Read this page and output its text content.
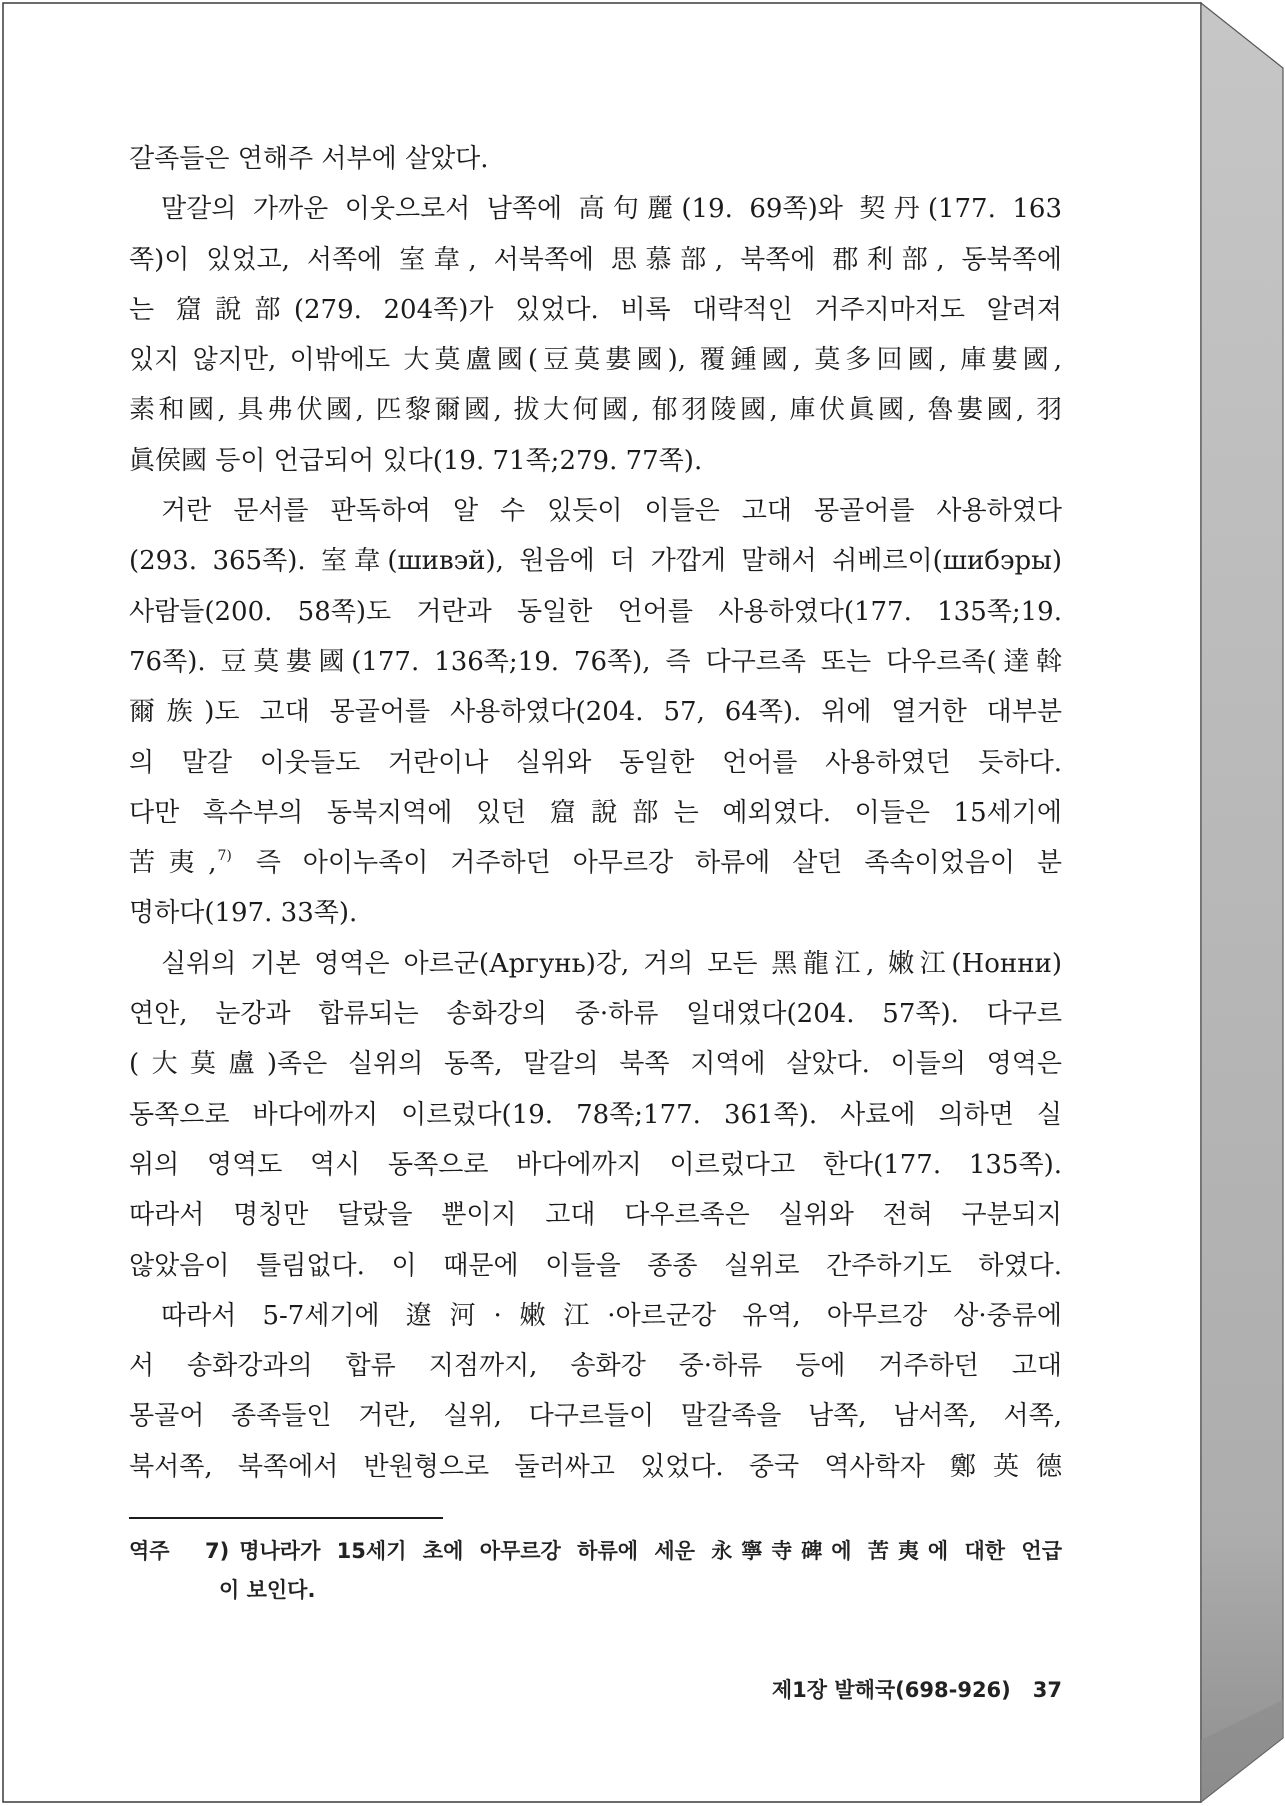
갈족들은 연해주 서부에 살았다.
말갈의 가까운 이웃으로서 남쪽에 高句麗(19. 69쪽)와 契丹(177. 163
쪽)이 있었고, 서쪽에 室韋, 서북쪽에 思慕部, 북쪽에 郡利部, 동북쪽에
는 窟說部(279. 204쪽)가 있었다. 비록 대략적인 거주지마저도 알려져
있지 않지만, 이밖에도 大莫盧國(豆莫婁國), 覆鍾國, 莫多回國, 庫婁國,
素和國, 具弗伏國, 匹黎爾國, 拔大何國, 郁羽陵國, 庫伏眞國, 魯婁國, 羽
眞侯國 등이 언급되어 있다(19. 71쪽;279. 77쪽).
거란 문서를 판독하여 알 수 있듯이 이들은 고대 몽골어를 사용하였다
(293. 365쪽). 室韋(шивэй), 원음에 더 가깝게 말해서 쉬베르이(шибэры)
사람들(200. 58쪽)도 거란과 동일한 언어를 사용하였다(177. 135쪽;19.
76쪽). 豆莫婁國(177. 136쪽;19. 76쪽), 즉 다구르족 또는 다우르족(達斡
爾族)도 고대 몽골어를 사용하였다(204. 57, 64쪽). 위에 열거한 대부분
의 말갈 이웃들도 거란이나 실위와 동일한 언어를 사용하였던 듯하다.
다만 흑수부의 동북지역에 있던 窟說部는 예외였다. 이들은 15세기에
苦夷,$^{7)}$ 즉 아이누족이 거주하던 아무르강 하류에 살던 족속이었음이 분
명하다(197. 33쪽).
실위의 기본 영역은 아르군(Аргунь)강, 거의 모든 黑龍江, 嫩江(Нонни)
연안, 눈강과 합류되는 송화강의 중·하류 일대였다(204. 57쪽). 다구르
(大莫盧)족은 실위의 동쪽, 말갈의 북쪽 지역에 살았다. 이들의 영역은
동쪽으로 바다에까지 이르렀다(19. 78쪽;177. 361쪽). 사료에 의하면 실
위의 영역도 역시 동쪽으로 바다에까지 이르렀다고 한다(177. 135쪽).
따라서 명칭만 달랐을 뿐이지 고대 다우르족은 실위와 전혀 구분되지
않았음이 틀림없다. 이 때문에 이들을 종종 실위로 간주하기도 하였다.
따라서 5-7세기에 遼河·嫩江·아르군강 유역, 아무르강 상·중류에
서 송화강과의 합류 지점까지, 송화강 중·하류 등에 거주하던 고대
몽골어 종족들인 거란, 실위, 다구르들이 말갈족을 남쪽, 남서쪽, 서쪽,
북서쪽, 북쪽에서 반원형으로 둘러싸고 있었다. 중국 역사학자 鄭英德
역주	7) 명나라가 15세기 초에 아무르강 하류에 세운 永寧寺碑에 苦夷에 대한 언급
이 보인다.
제1장 발해국(698-926) 37
